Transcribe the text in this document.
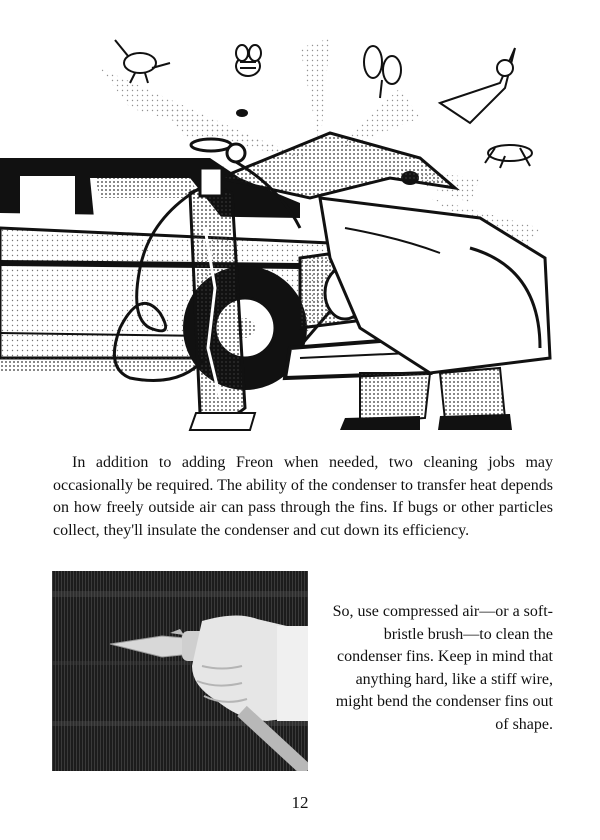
In addition to adding Freon when needed, two cleaning jobs may occasionally be required. The ability of the condenser to transfer heat depends on how freely outside air can pass through the fins. If bugs or other particles collect, they'll insulate the condenser and cut down its efficiency.

So, use compressed air—or a soft-bristle brush—to clean the condenser fins. Keep in mind that anything hard, like a stiff wire, might bend the condenser fins out of shape.

12
